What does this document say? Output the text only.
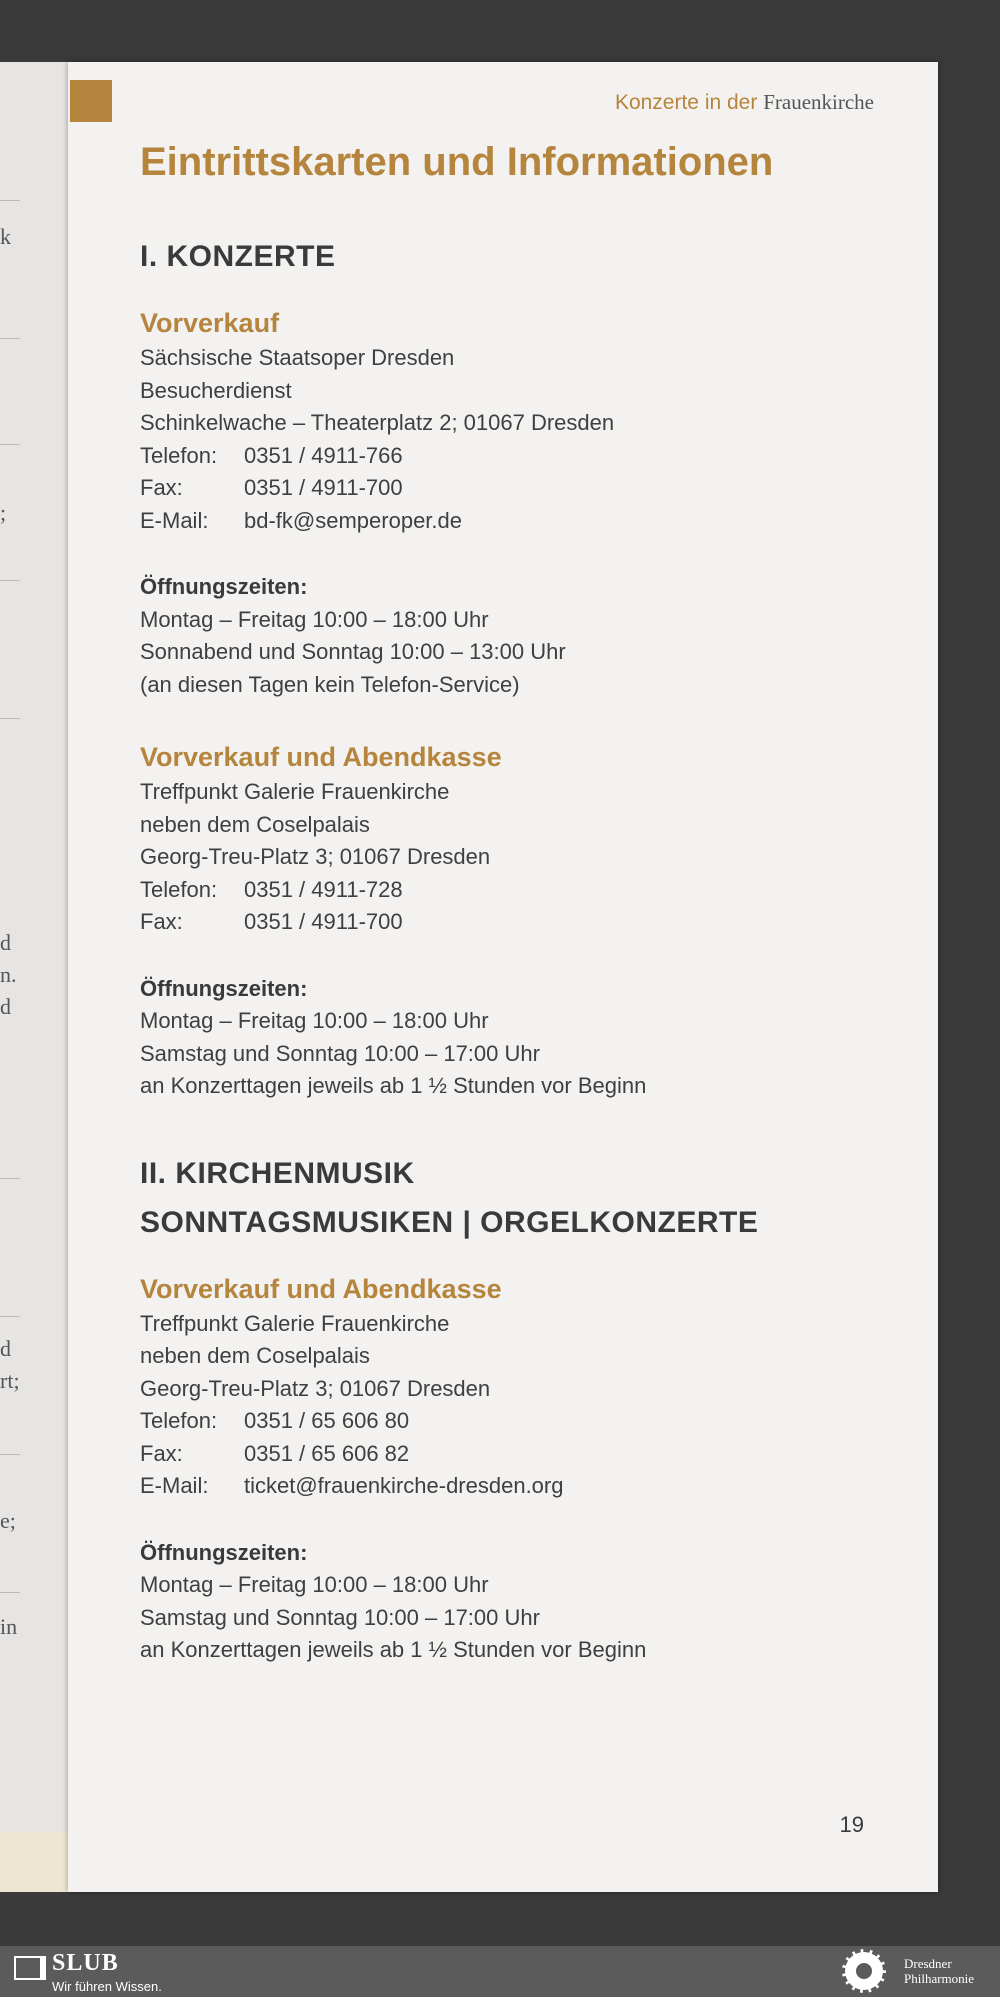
k
;
d
n.
d
d
rt;
e;
in
Konzerte in der Frauenkirche
Eintrittskarten und Informationen
I. KONZERTE
Vorverkauf
Sächsische Staatsoper Dresden
Besucherdienst
Schinkelwache – Theaterplatz 2; 01067 Dresden
Telefon:	0351 / 4911-766
Fax:	0351 / 4911-700
E-Mail:	bd-fk@semperoper.de
Öffnungszeiten:
Montag – Freitag 10:00 – 18:00 Uhr
Sonnabend und Sonntag 10:00 – 13:00 Uhr
(an diesen Tagen kein Telefon-Service)
Vorverkauf und Abendkasse
Treffpunkt Galerie Frauenkirche
neben dem Coselpalais
Georg-Treu-Platz 3; 01067 Dresden
Telefon:	0351 / 4911-728
Fax:	0351 / 4911-700
Öffnungszeiten:
Montag – Freitag 10:00 – 18:00 Uhr
Samstag und Sonntag 10:00 – 17:00 Uhr
an Konzerttagen jeweils ab 1 ½ Stunden vor Beginn
II. KIRCHENMUSIK
SONNTAGSMUSIKEN | ORGELKONZERTE
Vorverkauf und Abendkasse
Treffpunkt Galerie Frauenkirche
neben dem Coselpalais
Georg-Treu-Platz 3; 01067 Dresden
Telefon:	0351 / 65 606 80
Fax:	0351 / 65 606 82
E-Mail:	ticket@frauenkirche-dresden.org
Öffnungszeiten:
Montag – Freitag 10:00 – 18:00 Uhr
Samstag und Sonntag 10:00 – 17:00 Uhr
an Konzerttagen jeweils ab 1 ½ Stunden vor Beginn
19
SLUB
Wir führen Wissen.
Dresdner
Philharmonie
